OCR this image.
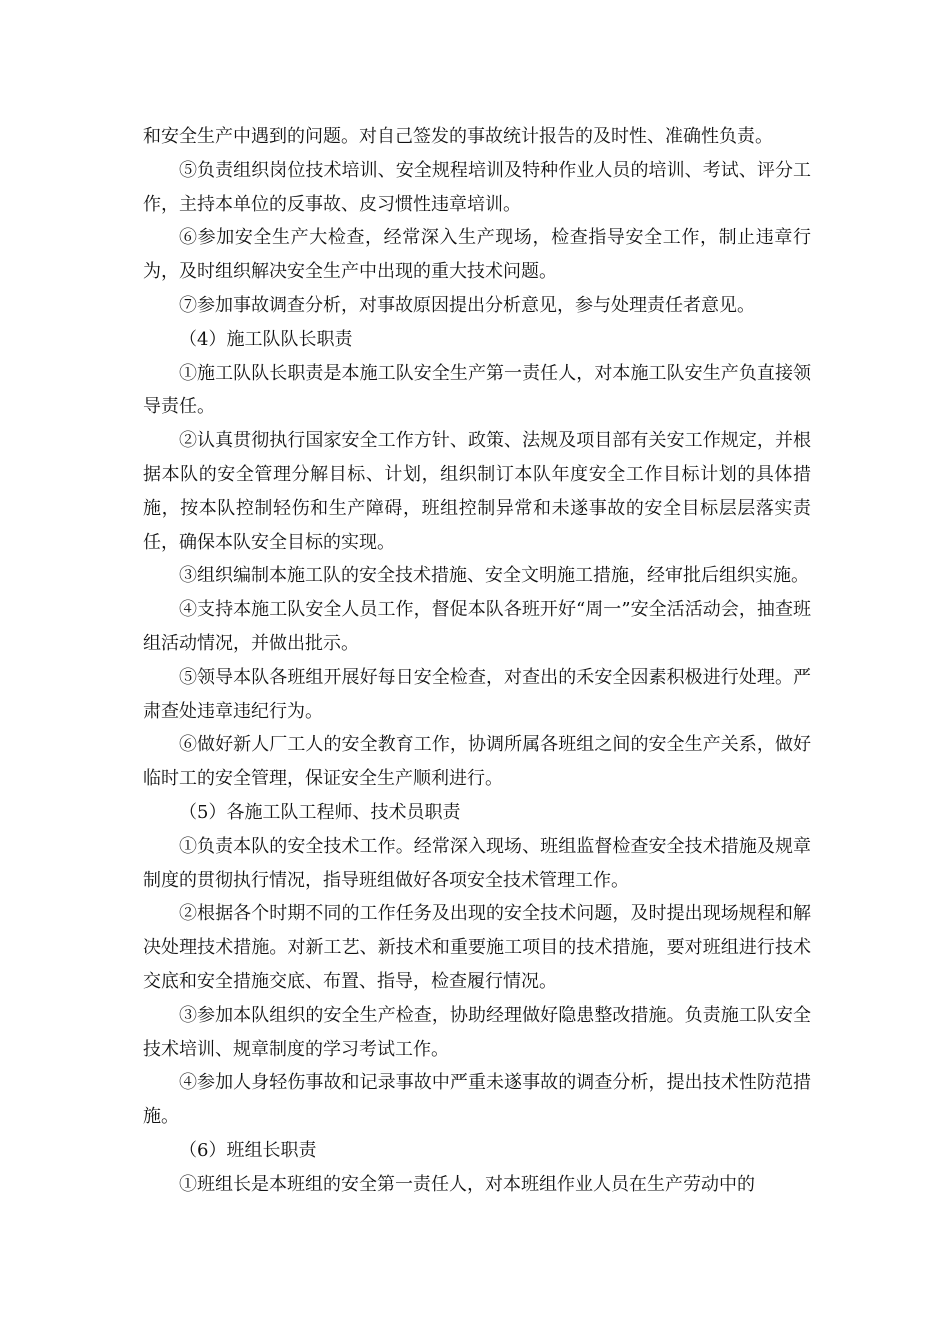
和安全生产中遇到的问题。对自己签发的事故统计报告的及时性、准确性负责。

⑤负责组织岗位技术培训、安全规程培训及特种作业人员的培训、考试、评分工作，主持本单位的反事故、皮习惯性违章培训。

⑥参加安全生产大检查，经常深入生产现场，检查指导安全工作，制止违章行为，及时组织解决安全生产中出现的重大技术问题。

⑦参加事故调查分析，对事故原因提出分析意见，参与处理责任者意见。

（4）施工队队长职责

①施工队队长职责是本施工队安全生产第一责任人，对本施工队安生产负直接领导责任。

②认真贯彻执行国家安全工作方针、政策、法规及项目部有关安工作规定，并根据本队的安全管理分解目标、计划，组织制订本队年度安全工作目标计划的具体措施，按本队控制轻伤和生产障碍，班组控制异常和未遂事故的安全目标层层落实责任，确保本队安全目标的实现。

③组织编制本施工队的安全技术措施、安全文明施工措施，经审批后组织实施。

④支持本施工队安全人员工作，督促本队各班开好“周一”安全活活动会，抽查班组活动情况，并做出批示。

⑤领导本队各班组开展好每日安全检查，对查出的禾安全因素积极进行处理。严肃查处违章违纪行为。

⑥做好新人厂工人的安全教育工作，协调所属各班组之间的安全生产关系，做好临时工的安全管理，保证安全生产顺利进行。

（5）各施工队工程师、技术员职责

①负责本队的安全技术工作。经常深入现场、班组监督检查安全技术措施及规章制度的贯彻执行情况，指导班组做好各项安全技术管理工作。

②根据各个时期不同的工作任务及出现的安全技术问题，及时提出现场规程和解决处理技术措施。对新工艺、新技术和重要施工项目的技术措施，要对班组进行技术交底和安全措施交底、布置、指导，检查履行情况。

③参加本队组织的安全生产检查，协助经理做好隐患整改措施。负责施工队安全技术培训、规章制度的学习考试工作。

④参加人身轻伤事故和记录事故中严重未遂事故的调查分析，提出技术性防范措施。

（6）班组长职责

①班组长是本班组的安全第一责任人，对本班组作业人员在生产劳动中的
